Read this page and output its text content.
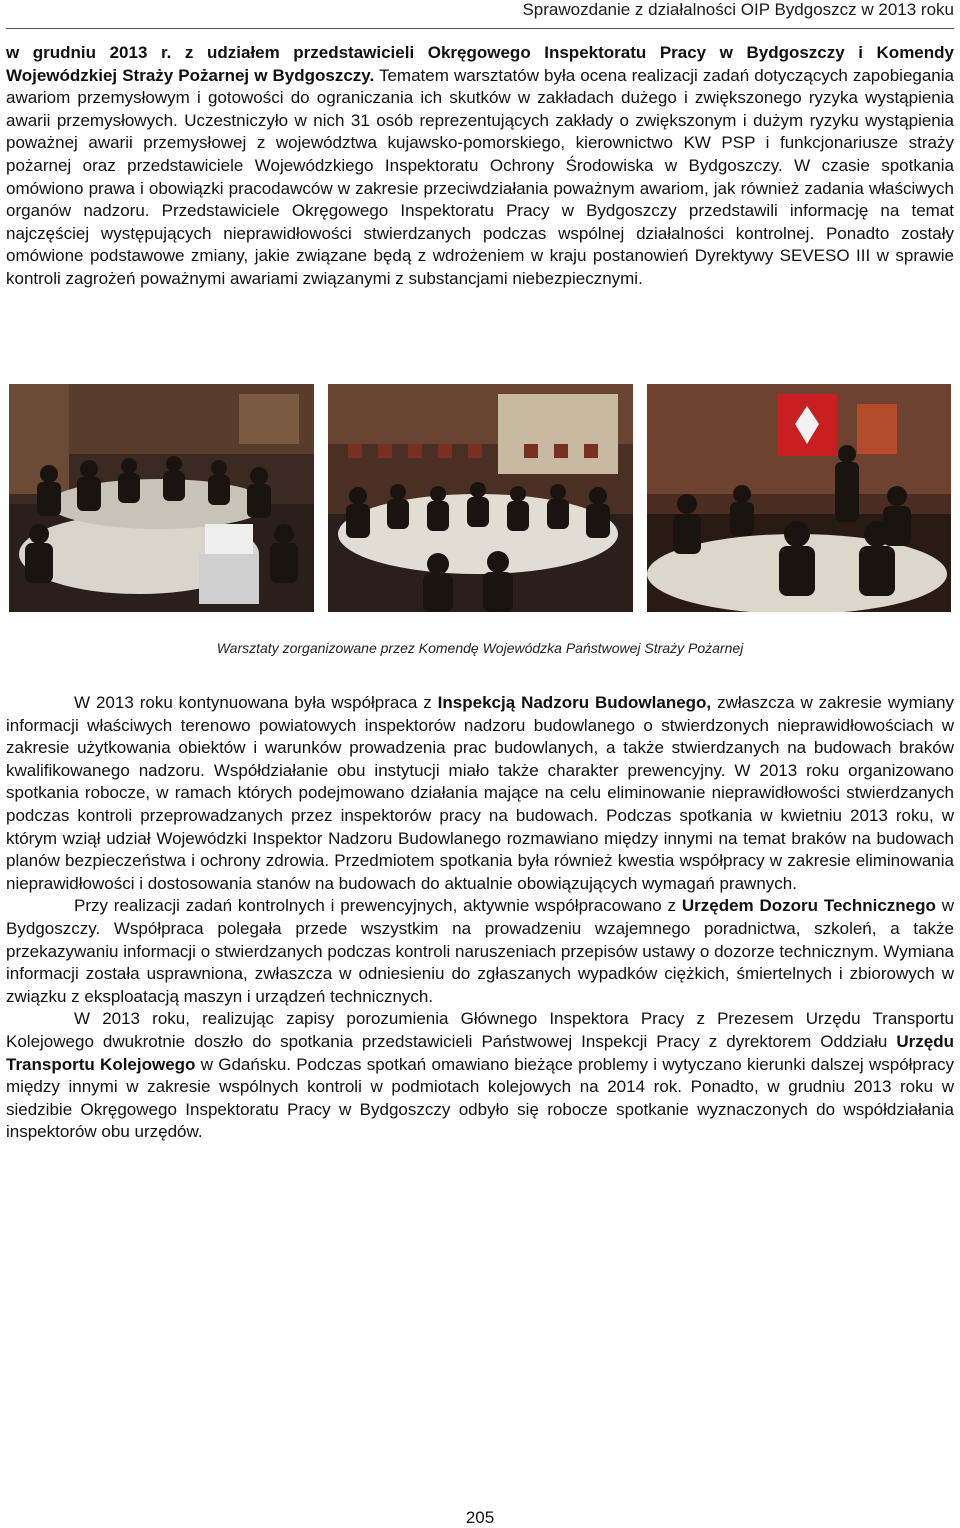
Sprawozdanie z działalności OIP Bydgoszcz w 2013 roku
w grudniu 2013 r. z udziałem przedstawicieli Okręgowego Inspektoratu Pracy w Bydgoszczy i Komendy Wojewódzkiej Straży Pożarnej w Bydgoszczy. Tematem warsztatów była ocena realizacji zadań dotyczących zapobiegania awariom przemysłowym i gotowości do ograniczania ich skutków w zakładach dużego i zwiększonego ryzyka wystąpienia awarii przemysłowych. Uczestniczyło w nich 31 osób reprezentujących zakłady o zwiększonym i dużym ryzyku wystąpienia poważnej awarii przemysłowej z województwa kujawsko-pomorskiego, kierownictwo KW PSP i funkcjonariusze straży pożarnej oraz przedstawiciele Wojewódzkiego Inspektoratu Ochrony Środowiska w Bydgoszczy. W czasie spotkania omówiono prawa i obowiązki pracodawców w zakresie przeciwdziałania poważnym awariom, jak również zadania właściwych organów nadzoru. Przedstawiciele Okręgowego Inspektoratu Pracy w Bydgoszczy przedstawili informację na temat najczęściej występujących nieprawidłowości stwierdzanych podczas wspólnej działalności kontrolnej. Ponadto zostały omówione podstawowe zmiany, jakie związane będą z wdrożeniem w kraju postanowień Dyrektywy SEVESO III w sprawie kontroli zagrożeń poważnymi awariami związanymi z substancjami niebezpiecznymi.
Warsztaty zorganizowane przez Komendę Wojewódzka Państwowej Straży Pożarnej
W 2013 roku kontynuowana była współpraca z Inspekcją Nadzoru Budowlanego, zwłaszcza w zakresie wymiany informacji właściwych terenowo powiatowych inspektorów nadzoru budowlanego o stwierdzonych nieprawidłowościach w zakresie użytkowania obiektów i warunków prowadzenia prac budowlanych, a także stwierdzanych na budowach braków kwalifikowanego nadzoru. Współdziałanie obu instytucji miało także charakter prewencyjny. W 2013 roku organizowano spotkania robocze, w ramach których podejmowano działania mające na celu eliminowanie nieprawidłowości stwierdzanych podczas kontroli przeprowadzanych przez inspektorów pracy na budowach. Podczas spotkania w kwietniu 2013 roku, w którym wziął udział Wojewódzki Inspektor Nadzoru Budowlanego rozmawiano między innymi na temat braków na budowach planów bezpieczeństwa i ochrony zdrowia. Przedmiotem spotkania była również kwestia współpracy w zakresie eliminowania nieprawidłowości i dostosowania stanów na budowach do aktualnie obowiązujących wymagań prawnych.
Przy realizacji zadań kontrolnych i prewencyjnych, aktywnie współpracowano z Urzędem Dozoru Technicznego w Bydgoszczy. Współpraca polegała przede wszystkim na prowadzeniu wzajemnego poradnictwa, szkoleń, a także przekazywaniu informacji o stwierdzanych podczas kontroli naruszeniach przepisów ustawy o dozorze technicznym. Wymiana informacji została usprawniona, zwłaszcza w odniesieniu do zgłaszanych wypadków ciężkich, śmiertelnych i zbiorowych w związku z eksploatacją maszyn i urządzeń technicznych.
W 2013 roku, realizując zapisy porozumienia Głównego Inspektora Pracy z Prezesem Urzędu Transportu Kolejowego dwukrotnie doszło do spotkania przedstawicieli Państwowej Inspekcji Pracy z dyrektorem Oddziału Urzędu Transportu Kolejowego w Gdańsku. Podczas spotkań omawiano bieżące problemy i wytyczano kierunki dalszej współpracy między innymi w zakresie wspólnych kontroli w podmiotach kolejowych na 2014 rok. Ponadto, w grudniu 2013 roku w siedzibie Okręgowego Inspektoratu Pracy w Bydgoszczy odbyło się robocze spotkanie wyznaczonych do współdziałania inspektorów obu urzędów.
205
